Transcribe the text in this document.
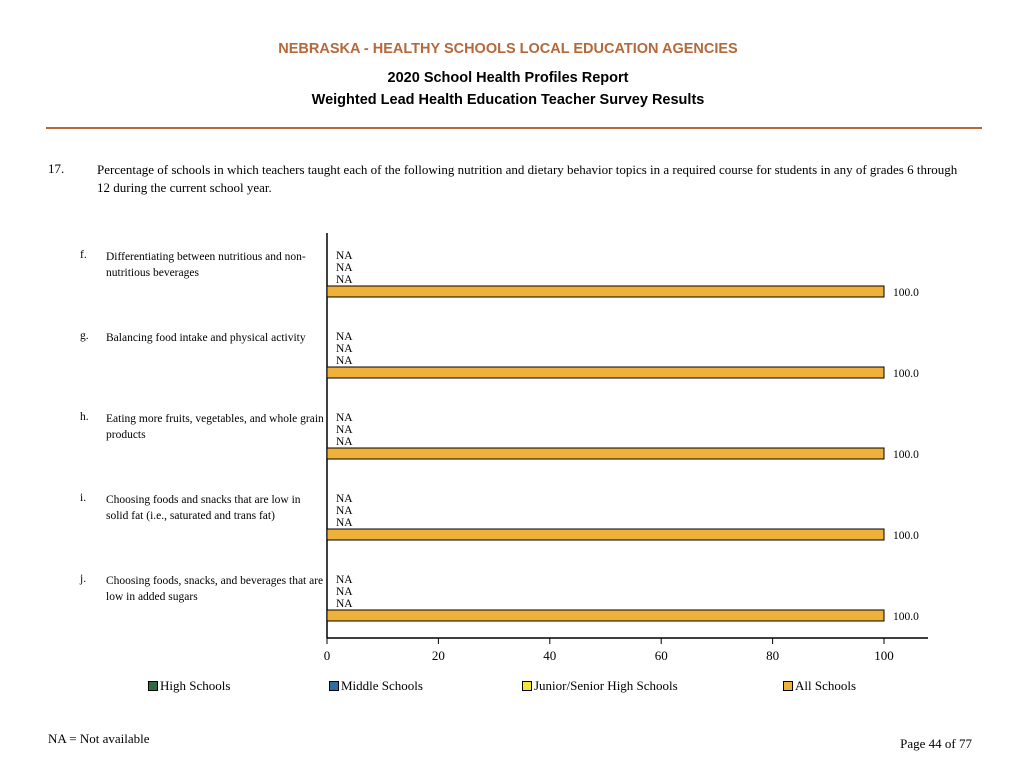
NEBRASKA - HEALTHY SCHOOLS LOCAL EDUCATION AGENCIES
2020 School Health Profiles Report
Weighted Lead Health Education Teacher Survey Results
17.	Percentage of schools in which teachers taught each of the following nutrition and dietary behavior topics in a required course for students in any of grades 6 through 12 during the current school year.
0	20	40	60	80	100
100.0
100.0
100.0
100.0
100.0
f. Differentiating between nutritious and non-nutritious beverages
NA
NA
NA
g. Balancing food intake and physical activity	NA
NA
NA
h. Eating more fruits, vegetables, and whole grain products
NA
NA
NA
i. Choosing foods and snacks that are low in solid fat (i.e., saturated and trans fat)
NA
NA
NA
j. Choosing foods, snacks, and beverages that are low in added sugars
NA
NA
NA
High Schools	Middle Schools	Junior/Senior High Schools	All Schools
NA = Not available	Page 44 of 77
